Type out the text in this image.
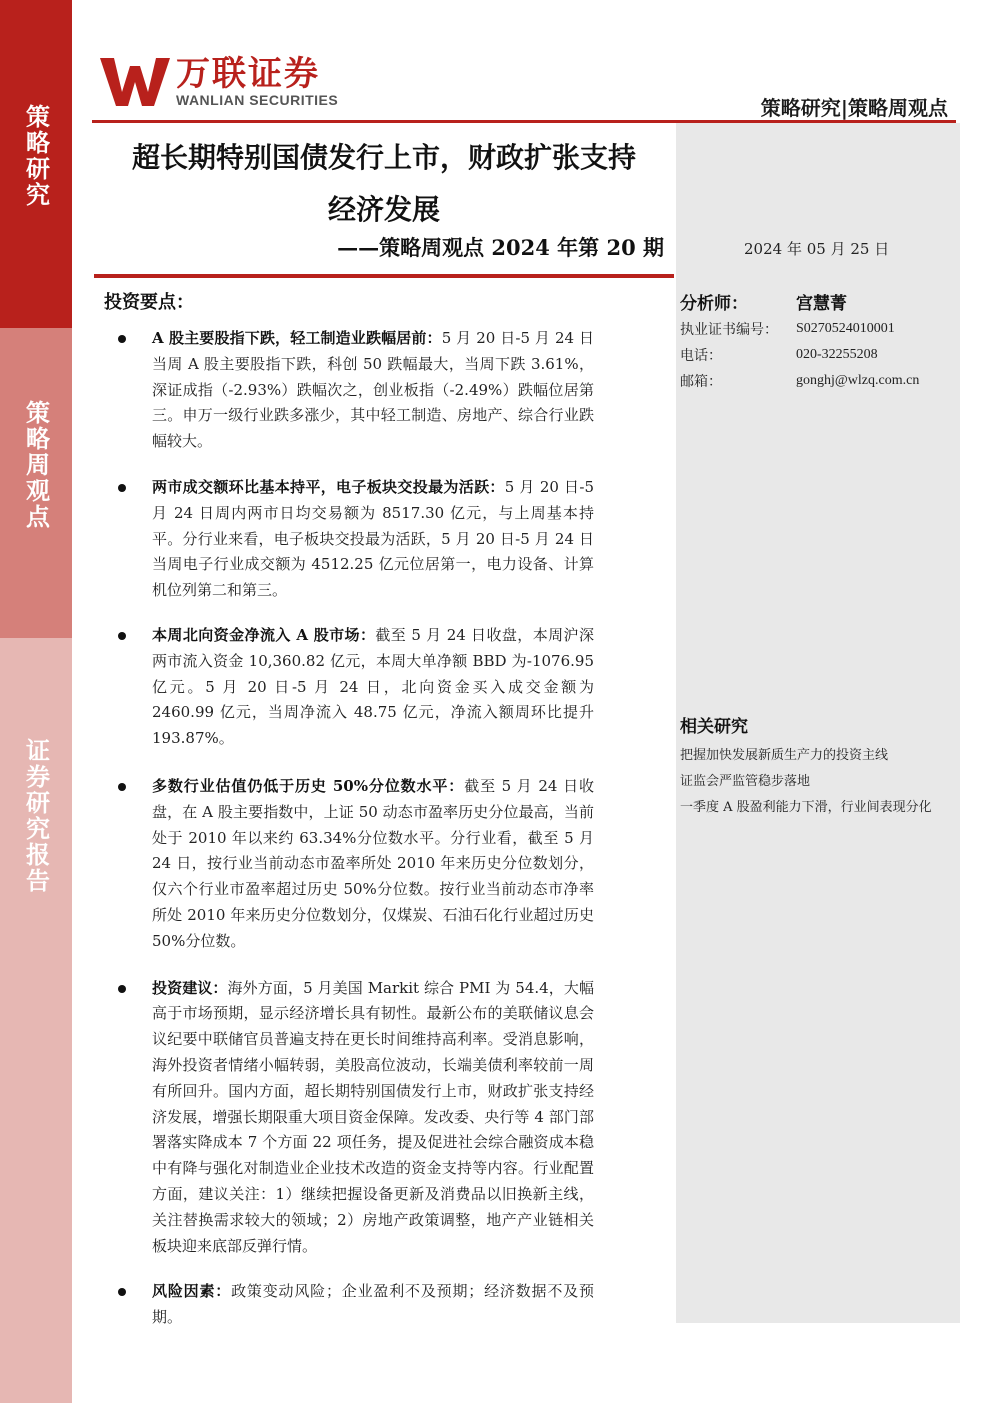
策略研究
策略周观点
证券研究报告
万联证券
WANLIAN SECURITIES	策略研究|策略周观点
超长期特别国债发行上市，财政扩张支持
经济发展
——策略周观点 2024 年第 20 期	2024 年 05 月 25 日
投资要点：
A 股主要股指下跌，轻工制造业跌幅居前：5 月 20 日-5 月 24 日当周 A 股主要股指下跌，科创 50 跌幅最大，当周下跌 3.61%，深证成指（-2.93%）跌幅次之，创业板指（-2.49%）跌幅位居第三。申万一级行业跌多涨少，其中轻工制造、房地产、综合行业跌幅较大。
两市成交额环比基本持平，电子板块交投最为活跃：5 月 20 日-5 月 24 日周内两市日均交易额为 8517.30 亿元，与上周基本持平。分行业来看，电子板块交投最为活跃，5 月 20 日-5 月 24 日当周电子行业成交额为 4512.25 亿元位居第一，电力设备、计算机位列第二和第三。
本周北向资金净流入 A 股市场：截至 5 月 24 日收盘，本周沪深两市流入资金 10,360.82 亿元，本周大单净额 BBD 为-1076.95 亿元。5 月 20 日-5 月 24 日，北向资金买入成交金额为 2460.99 亿元，当周净流入 48.75 亿元，净流入额周环比提升 193.87%。
多数行业估值仍低于历史 50%分位数水平：截至 5 月 24 日收盘，在 A 股主要指数中，上证 50 动态市盈率历史分位最高，当前处于 2010 年以来约 63.34%分位数水平。分行业看，截至 5 月 24 日，按行业当前动态市盈率所处 2010 年来历史分位数划分，仅六个行业市盈率超过历史 50%分位数。按行业当前动态市净率所处 2010 年来历史分位数划分，仅煤炭、石油石化行业超过历史 50%分位数。
投资建议：海外方面，5 月美国 Markit 综合 PMI 为 54.4，大幅高于市场预期，显示经济增长具有韧性。最新公布的美联储议息会议纪要中联储官员普遍支持在更长时间维持高利率。受消息影响，海外投资者情绪小幅转弱，美股高位波动，长端美债利率较前一周有所回升。国内方面，超长期特别国债发行上市，财政扩张支持经济发展，增强长期限重大项目资金保障。发改委、央行等 4 部门部署落实降成本 7 个方面 22 项任务，提及促进社会综合融资成本稳中有降与强化对制造业企业技术改造的资金支持等内容。行业配置方面，建议关注：1）继续把握设备更新及消费品以旧换新主线，关注替换需求较大的领域；2）房地产政策调整，地产产业链相关板块迎来底部反弹行情。
风险因素：政策变动风险；企业盈利不及预期；经济数据不及预期。
分析师：	宫慧菁
执业证书编号：	S0270524010001
电话：	020-32255208
邮箱：	gonghj@wlzq.com.cn
相关研究
把握加快发展新质生产力的投资主线
证监会严监管稳步落地
一季度 A 股盈利能力下滑，行业间表现分化
